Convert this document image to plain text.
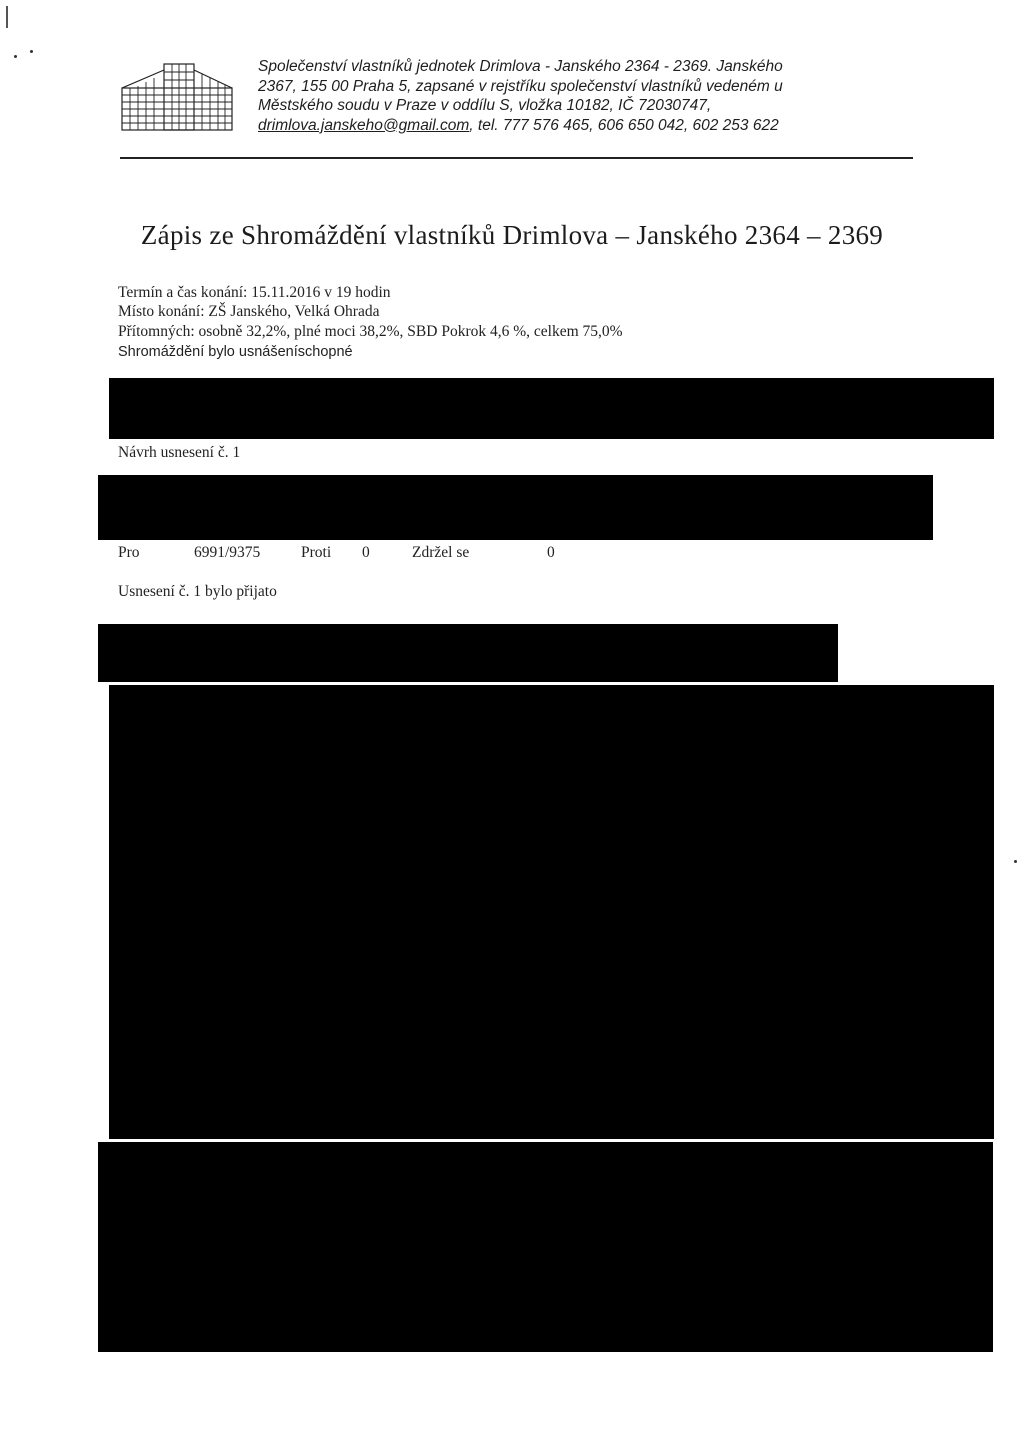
Společenství vlastníků jednotek Drimlova - Janského 2364 - 2369. Janského
2367, 155 00 Praha 5, zapsané v rejstříku společenství vlastníků vedeném u
Městského soudu v Praze v oddílu S, vložka 10182, IČ 72030747,
drimlova.janskeho@gmail.com, tel. 777 576 465, 606 650 042, 602 253 622
Zápis ze Shromáždění vlastníků Drimlova – Janského 2364 – 2369
Termín a čas konání: 15.11.2016 v 19 hodin
Místo konání: ZŠ Janského, Velká Ohrada
Přítomných: osobně 32,2%, plné moci 38,2%, SBD Pokrok 4,6 %, celkem 75,0%
Shromáždění bylo usnášeníschopné
Návrh usnesení č. 1
Pro	6991/9375	Proti 0	Zdržel se	0
Usnesení č. 1 bylo přijato
